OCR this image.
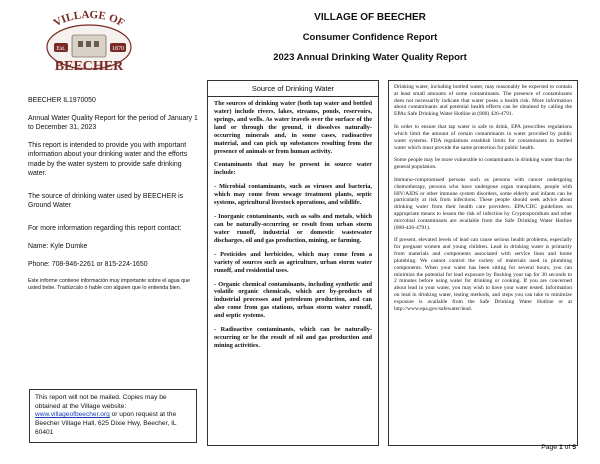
VILLAGE OF
Est.	1870
BEECHER
VILLAGE OF BEECHER
Consumer Confidence Report
2023 Annual Drinking Water Quality Report

BEECHER IL1970050

Annual Water Quality Report for the period of January 1 to December 31, 2023

This report is intended to provide you with important information about your drinking water and the efforts made by the water system to provide safe drinking water.

The source of drinking water used by BEECHER is Ground Water

For more information regarding this report contact:

Name: Kyle Dumke

Phone: 708-946-2261 or 815-224-1650

Este informe contiene información muy importante sobre el agua que usted bebe. Tradúzcalo ó hable con alguien que lo entienda bien.

This report will not be mailed. Copies may be obtained at the Village website: www.villageofbeecher.org or upon request at the Beecher Village Hall, 625 Dixie Hwy, Beecher, IL 60401
Source of Drinking Water

The sources of drinking water (both tap water and bottled water) include rivers, lakes, streams, ponds, reservoirs, springs, and wells. As water travels over the surface of the land or through the ground, it dissolves naturally-occurring minerals and, in some cases, radioactive material, and can pick up substances resulting from the presence of animals or from human activity.

Contaminants that may be present in source water include:

- Microbial contaminants, such as viruses and bacteria, which may come from sewage treatment plants, septic systems, agricultural livestock operations, and wildlife.

- Inorganic contaminants, such as salts and metals, which can be naturally-occurring or result from urban storm water runoff, industrial or domestic wastewater discharges, oil and gas production, mining, or farming.

- Pesticides and herbicides, which may come from a variety of sources such as agriculture, urban storm water runoff, and residential uses.

- Organic chemical contaminants, including synthetic and volatile organic chemicals, which are by-products of industrial processes and petroleum production, and can also come from gas stations, urban storm water runoff, and septic systems.

- Radioactive contaminants, which can be naturally-occurring or be the result of oil and gas production and mining activities.

Drinking water, including bottled water, may reasonably be expected to contain at least small amounts of some contaminants. The presence of contaminants does not necessarily indicate that water poses a health risk. More information about contaminants and potential health effects can be obtained by calling the EPAs Safe Drinking Water Hotline at (800) 426-4791.

In order to ensure that tap water is safe to drink, EPA prescribes regulations which limit the amount of certain contaminants in water provided by public water systems. FDA regulations establish limits for contaminants in bottled water which must provide the same protection for public health.

Some people may be more vulnerable to contaminants in drinking water than the general population.

Immuno-compromised persons such as persons with cancer undergoing chemotherapy, persons who have undergone organ transplants, people with HIV/AIDS or other immune system disorders, some elderly and infants can be particularly at risk from infections. These people should seek advice about drinking water from their health care providers. EPA/CDC guidelines on appropriate means to lessen the risk of infection by Cryptosporidium and other microbial contaminants are available from the Safe Drinking Water Hotline (800-426-4791).

If present, elevated levels of lead can cause serious health problems, especially for pregnant women and young children. Lead in drinking water is primarily from materials and components associated with service lines and home plumbing. We cannot control the variety of materials used in plumbing components. When your water has been sitting for several hours, you can minimize the potential for lead exposure by flushing your tap for 30 seconds to 2 minutes before using water for drinking or cooking. If you are concerned about lead in your water, you may wish to have your water tested. Information on lead in drinking water, testing methods, and steps you can take to minimize exposure is available from the Safe Drinking Water Hotline or at http://www.epa.gov/safewater/lead.

Page 1 of 5
